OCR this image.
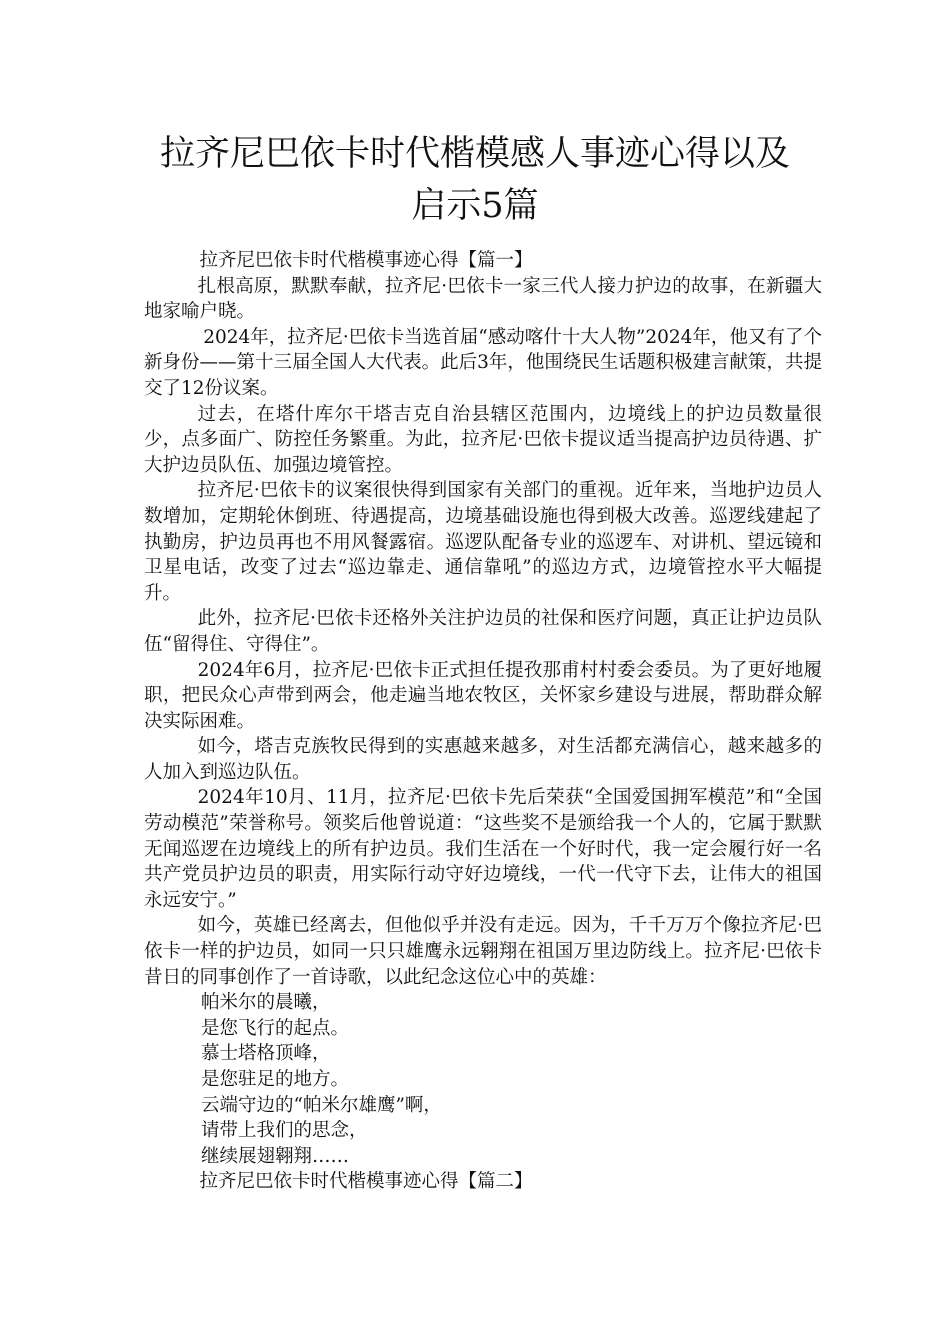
拉齐尼巴依卡时代楷模感人事迹心得以及
启示5篇

拉齐尼巴依卡时代楷模事迹心得【篇一】

扎根高原，默默奉献，拉齐尼·巴依卡一家三代人接力护边的故事，在新疆大地家喻户晓。

2024年，拉齐尼·巴依卡当选首届“感动喀什十大人物”2024年，他又有了个新身份——第十三届全国人大代表。此后3年，他围绕民生话题积极建言献策，共提交了12份议案。

过去，在塔什库尔干塔吉克自治县辖区范围内，边境线上的护边员数量很少，点多面广、防控任务繁重。为此，拉齐尼·巴依卡提议适当提高护边员待遇、扩大护边员队伍、加强边境管控。

拉齐尼·巴依卡的议案很快得到国家有关部门的重视。近年来，当地护边员人数增加，定期轮休倒班、待遇提高，边境基础设施也得到极大改善。巡逻线建起了执勤房，护边员再也不用风餐露宿。巡逻队配备专业的巡逻车、对讲机、望远镜和卫星电话，改变了过去“巡边靠走、通信靠吼”的巡边方式，边境管控水平大幅提升。

此外，拉齐尼·巴依卡还格外关注护边员的社保和医疗问题，真正让护边员队伍“留得住、守得住”。

2024年6月，拉齐尼·巴依卡正式担任提孜那甫村村委会委员。为了更好地履职，把民众心声带到两会，他走遍当地农牧区，关怀家乡建设与进展，帮助群众解决实际困难。

如今，塔吉克族牧民得到的实惠越来越多，对生活都充满信心，越来越多的人加入到巡边队伍。

2024年10月、11月，拉齐尼·巴依卡先后荣获“全国爱国拥军模范”和“全国劳动模范”荣誉称号。领奖后他曾说道：“这些奖不是颁给我一个人的，它属于默默无闻巡逻在边境线上的所有护边员。我们生活在一个好时代，我一定会履行好一名共产党员护边员的职责，用实际行动守好边境线，一代一代守下去，让伟大的祖国永远安宁。”

如今，英雄已经离去，但他似乎并没有走远。因为，千千万万个像拉齐尼·巴依卡一样的护边员，如同一只只雄鹰永远翱翔在祖国万里边防线上。拉齐尼·巴依卡昔日的同事创作了一首诗歌，以此纪念这位心中的英雄：

帕米尔的晨曦，

是您飞行的起点。

慕士塔格顶峰，

是您驻足的地方。

云端守边的“帕米尔雄鹰”啊，

请带上我们的思念，

继续展翅翱翔……

拉齐尼巴依卡时代楷模事迹心得【篇二】
